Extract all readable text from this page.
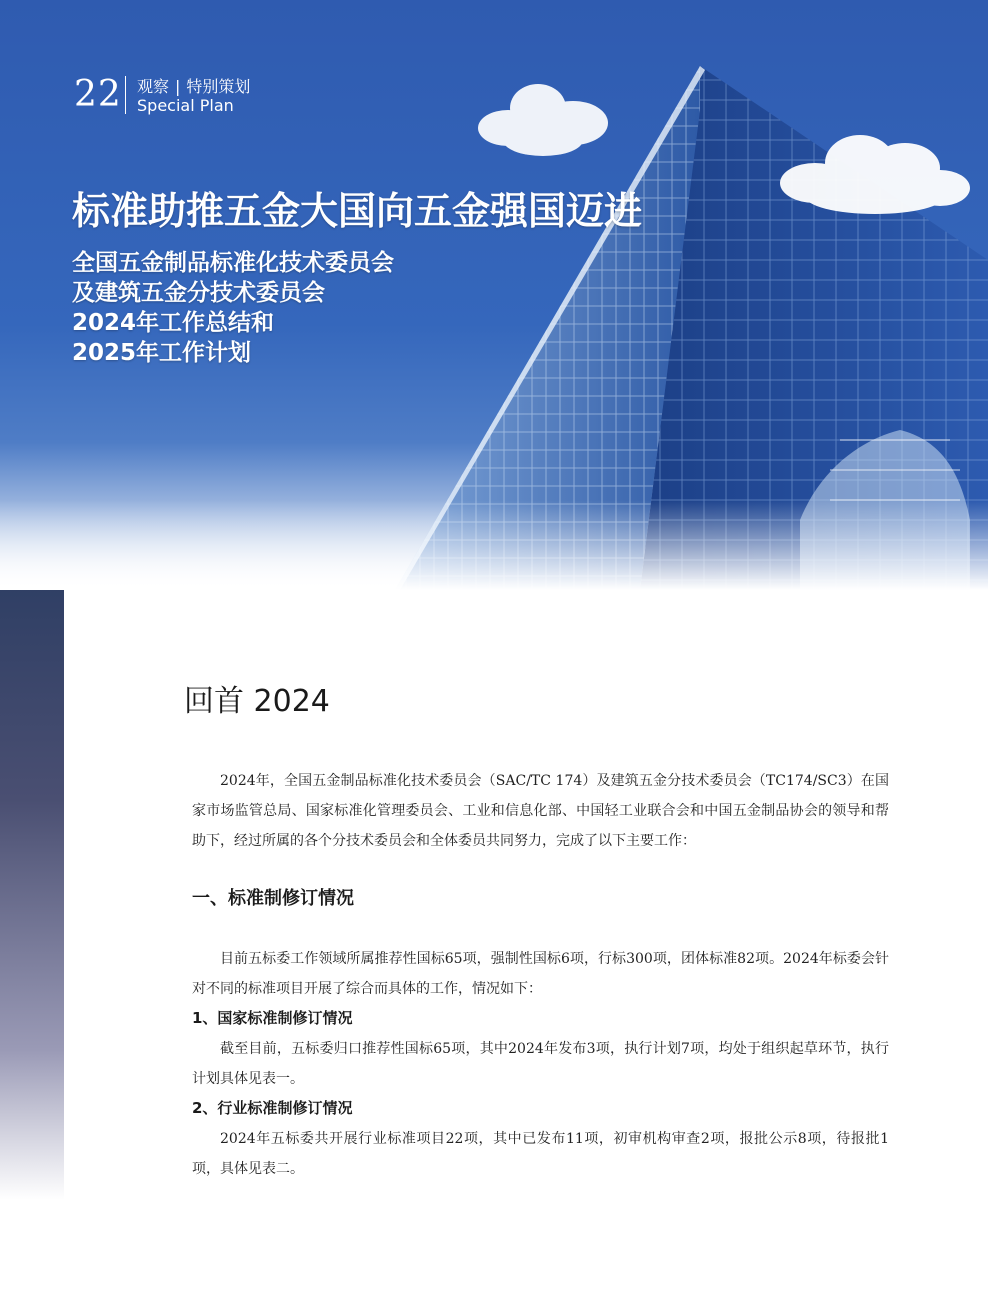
22 观察 | 特别策划
Special Plan
标准助推五金大国向五金强国迈进
全国五金制品标准化技术委员会
及建筑五金分技术委员会
2024年工作总结和
2025年工作计划
回首 2024

2024年，全国五金制品标准化技术委员会（SAC/TC 174）及建筑五金分技术委员会（TC174/SC3）在国家市场监管总局、国家标准化管理委员会、工业和信息化部、中国轻工业联合会和中国五金制品协会的领导和帮助下，经过所属的各个分技术委员会和全体委员共同努力，完成了以下主要工作：

一、标准制修订情况

目前五标委工作领域所属推荐性国标65项，强制性国标6项，行标300项，团体标准82项。2024年标委会针对不同的标准项目开展了综合而具体的工作，情况如下：

1、国家标准制修订情况

截至目前，五标委归口推荐性国标65项，其中2024年发布3项，执行计划7项，均处于组织起草环节，执行计划具体见表一。

2、行业标准制修订情况

2024年五标委共开展行业标准项目22项，其中已发布11项，初审机构审查2项，报批公示8项，待报批1项，具体见表二。
